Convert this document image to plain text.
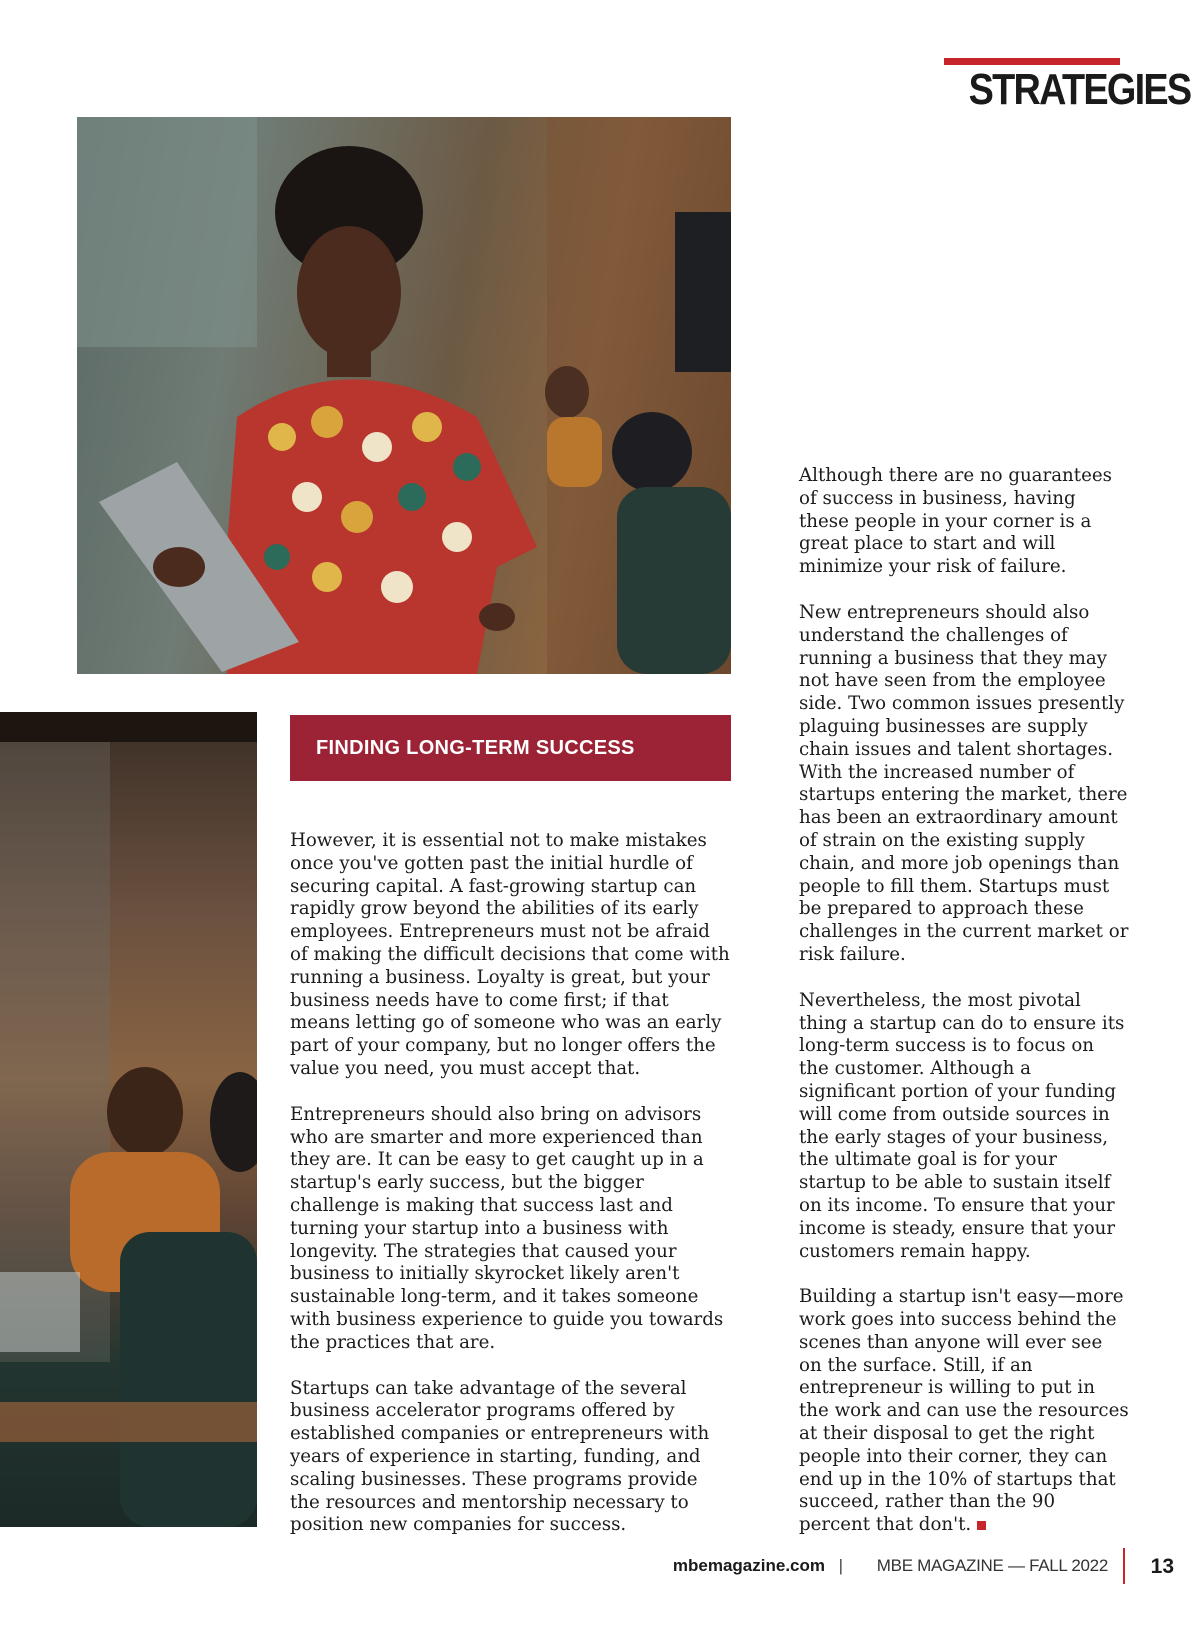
STRATEGIES
FINDING LONG-TERM SUCCESS

However, it is essential not to make mistakes once you've gotten past the initial hurdle of securing capital. A fast-growing startup can rapidly grow beyond the abilities of its early employees. Entrepreneurs must not be afraid of making the difficult decisions that come with running a business. Loyalty is great, but your business needs have to come first; if that means letting go of someone who was an early part of your company, but no longer offers the value you need, you must accept that.

Entrepreneurs should also bring on advisors who are smarter and more experienced than they are. It can be easy to get caught up in a startup's early success, but the bigger challenge is making that success last and turning your startup into a business with longevity. The strategies that caused your business to initially skyrocket likely aren't sustainable long-term, and it takes someone with business experience to guide you towards the practices that are.

Startups can take advantage of the several business accelerator programs offered by established companies or entrepreneurs with years of experience in starting, funding, and scaling businesses. These programs provide the resources and mentorship necessary to position new companies for success.

Although there are no guarantees of success in business, having these people in your corner is a great place to start and will minimize your risk of failure.

New entrepreneurs should also understand the challenges of running a business that they may not have seen from the employee side. Two common issues presently plaguing businesses are supply chain issues and talent shortages. With the increased number of startups entering the market, there has been an extraordinary amount of strain on the existing supply chain, and more job openings than people to fill them. Startups must be prepared to approach these challenges in the current market or risk failure.

Nevertheless, the most pivotal thing a startup can do to ensure its long-term success is to focus on the customer. Although a significant portion of your funding will come from outside sources in the early stages of your business, the ultimate goal is for your startup to be able to sustain itself on its income. To ensure that your income is steady, ensure that your customers remain happy.

Building a startup isn't easy—more work goes into success behind the scenes than anyone will ever see on the surface. Still, if an entrepreneur is willing to put in the work and can use the resources at their disposal to get the right people into their corner, they can end up in the 10% of startups that succeed, rather than the 90 percent that don't.

mbemagazine.com | MBE MAGAZINE — FALL 2022 13
